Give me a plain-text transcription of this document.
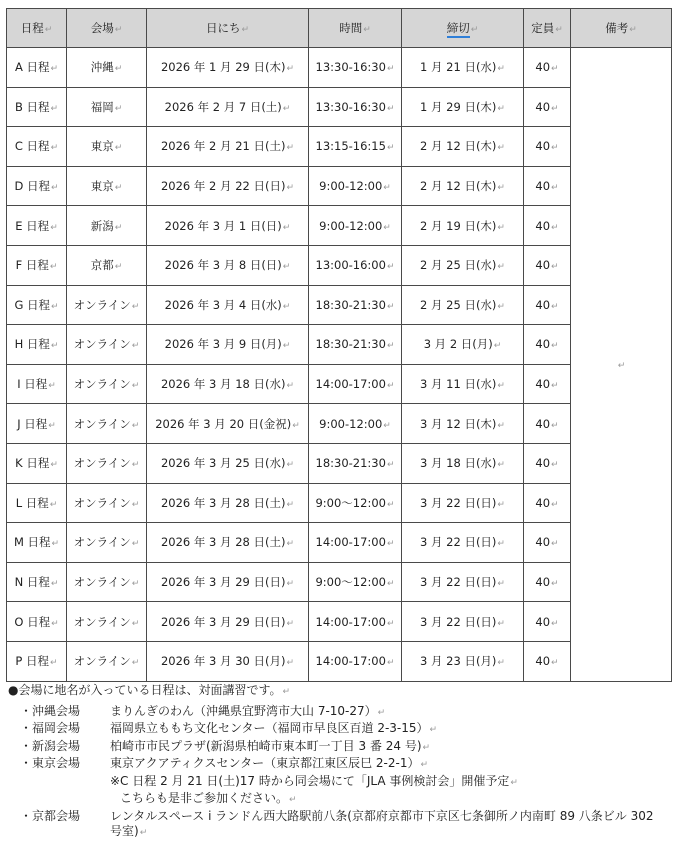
日程↵	会場↵	日にち↵	時間↵	締切↵	定員↵	備考↵
A 日程↵	沖縄↵	2026 年 1 月 29 日(木)↵	13:30-16:30↵	1 月 21 日(水)↵	40↵	↵
B 日程↵	福岡↵	2026 年 2 月 7 日(土)↵	13:30-16:30↵	1 月 29 日(木)↵	40↵	
C 日程↵	東京↵	2026 年 2 月 21 日(土)↵	13:15-16:15↵	2 月 12 日(木)↵	40↵	
D 日程↵	東京↵	2026 年 2 月 22 日(日)↵	9:00-12:00↵	2 月 12 日(木)↵	40↵	
E 日程↵	新潟↵	2026 年 3 月 1 日(日)↵	9:00-12:00↵	2 月 19 日(木)↵	40↵	
F 日程↵	京都↵	2026 年 3 月 8 日(日)↵	13:00-16:00↵	2 月 25 日(水)↵	40↵	
G 日程↵	オンライン↵	2026 年 3 月 4 日(水)↵	18:30-21:30↵	2 月 25 日(水)↵	40↵	
H 日程↵	オンライン↵	2026 年 3 月 9 日(月)↵	18:30-21:30↵	3 月 2 日(月)↵	40↵	
I 日程↵	オンライン↵	2026 年 3 月 18 日(水)↵	14:00-17:00↵	3 月 11 日(水)↵	40↵	
J 日程↵	オンライン↵	2026 年 3 月 20 日(金祝)↵	9:00-12:00↵	3 月 12 日(木)↵	40↵	
K 日程↵	オンライン↵	2026 年 3 月 25 日(水)↵	18:30-21:30↵	3 月 18 日(水)↵	40↵	
L 日程↵	オンライン↵	2026 年 3 月 28 日(土)↵	9:00～12:00↵	3 月 22 日(日)↵	40↵	
M 日程↵	オンライン↵	2026 年 3 月 28 日(土)↵	14:00-17:00↵	3 月 22 日(日)↵	40↵	
N 日程↵	オンライン↵	2026 年 3 月 29 日(日)↵	9:00～12:00↵	3 月 22 日(日)↵	40↵	
O 日程↵	オンライン↵	2026 年 3 月 29 日(日)↵	14:00-17:00↵	3 月 22 日(日)↵	40↵	
P 日程↵	オンライン↵	2026 年 3 月 30 日(月)↵	14:00-17:00↵	3 月 23 日(月)↵	40↵	
●会場に地名が入っている日程は、対面講習です。↵
・沖縄会場	まりんぎのわん（沖縄県宜野湾市大山 7-10-27）↵
・福岡会場	福岡県立ももち文化センター（福岡市早良区百道 2-3-15）↵
・新潟会場	柏崎市市民プラザ(新潟県柏崎市東本町一丁目 3 番 24 号)↵
・東京会場	東京アクアティクスセンター（東京都江東区辰巳 2-2-1）↵
※C 日程 2 月 21 日(土)17 時から同会場にて「JLA 事例検討会」開催予定↵
こちらも是非ご参加ください。↵
・京都会場	レンタルスペース i ランドん西大路駅前八条(京都府京都市下京区七条御所ノ内南町 89 八条ビル 302 号室)↵
